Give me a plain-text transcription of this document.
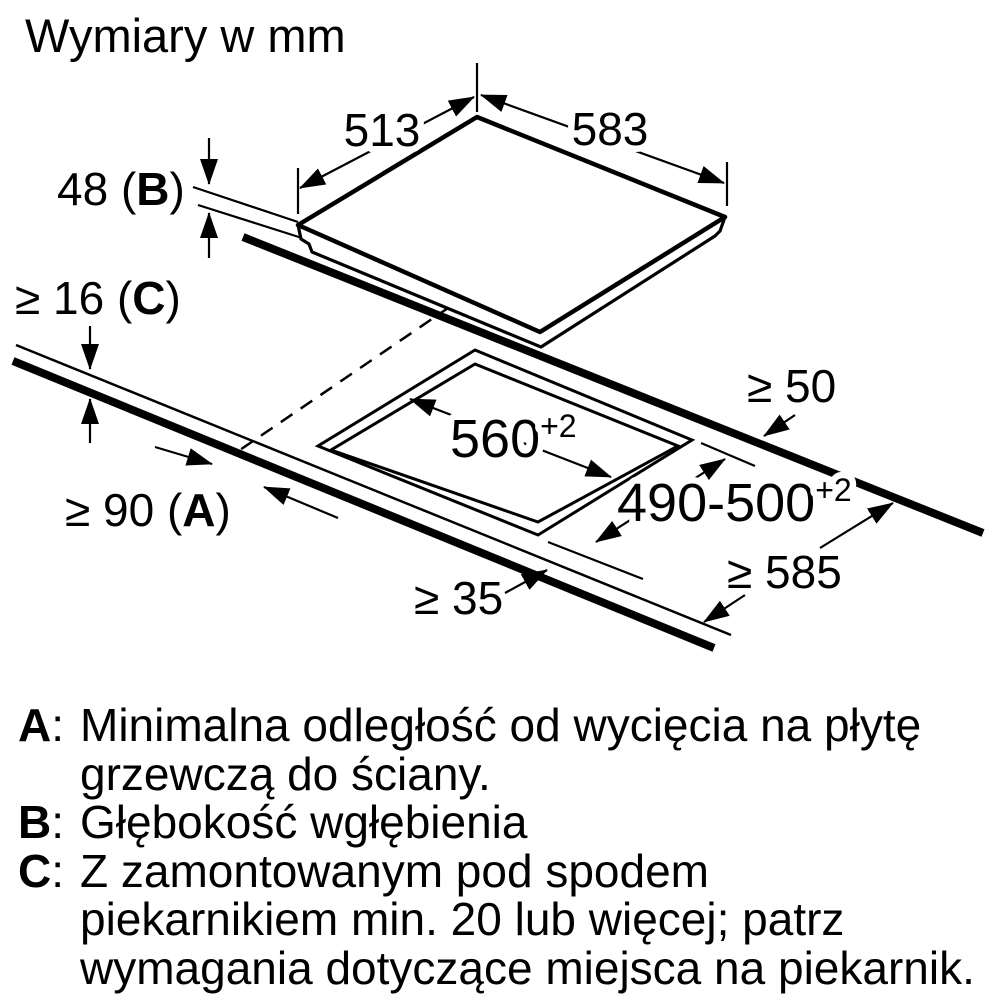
Wymiary w mm
513	583
48 (B)
≥ 16 (C)
≥ 90 (A)
$560^{+2}$
$490-500^{+2}$
≥ 50
≥ 35	≥ 585
A: Minimalna odległość od wycięcia na płytę
grzewczą do ściany.
B: Głębokość wgłębienia
C: Z zamontowanym pod spodem
piekarnikiem min. 20 lub więcej; patrz
wymagania dotyczące miejsca na piekarnik.
